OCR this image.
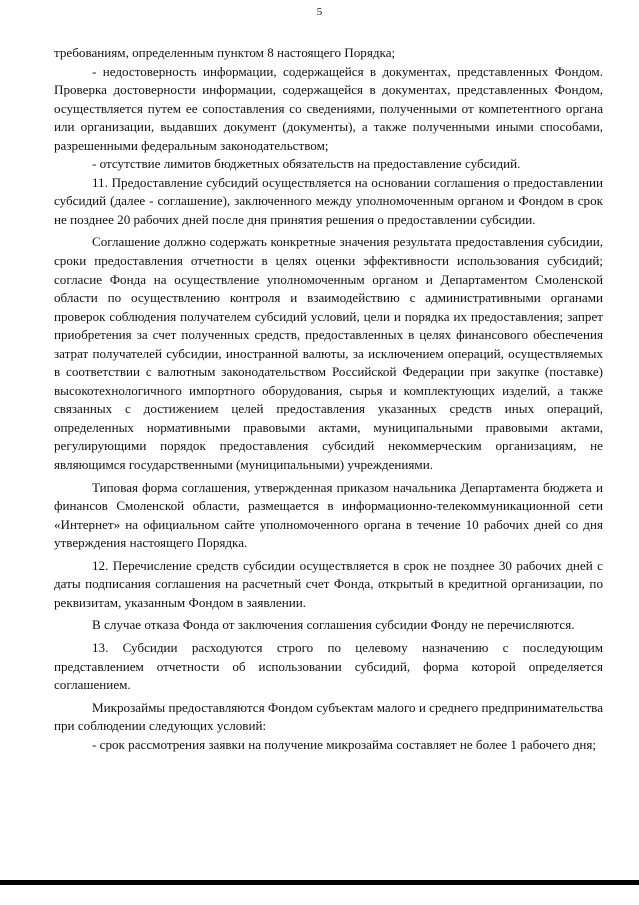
5

требованиям, определенным пунктом 8 настоящего Порядка;

- недостоверность информации, содержащейся в документах, представленных Фондом. Проверка достоверности информации, содержащейся в документах, представленных Фондом, осуществляется путем ее сопоставления со сведениями, полученными от компетентного органа или организации, выдавших документ (документы), а также полученными иными способами, разрешенными федеральным законодательством;

- отсутствие лимитов бюджетных обязательств на предоставление субсидий.

11. Предоставление субсидий осуществляется на основании соглашения о предоставлении субсидий (далее - соглашение), заключенного между уполномоченным органом и Фондом в срок не позднее 20 рабочих дней после дня принятия решения о предоставлении субсидии.

Соглашение должно содержать конкретные значения результата предоставления субсидии, сроки предоставления отчетности в целях оценки эффективности использования субсидий; согласие Фонда на осуществление уполномоченным органом и Департаментом Смоленской области по осуществлению контроля и взаимодействию с административными органами проверок соблюдения получателем субсидий условий, цели и порядка их предоставления; запрет приобретения за счет полученных средств, предоставленных в целях финансового обеспечения затрат получателей субсидии, иностранной валюты, за исключением операций, осуществляемых в соответствии с валютным законодательством Российской Федерации при закупке (поставке) высокотехнологичного импортного оборудования, сырья и комплектующих изделий, а также связанных с достижением целей предоставления указанных средств иных операций, определенных нормативными правовыми актами, муниципальными правовыми актами, регулирующими порядок предоставления субсидий некоммерческим организациям, не являющимся государственными (муниципальными) учреждениями.

Типовая форма соглашения, утвержденная приказом начальника Департамента бюджета и финансов Смоленской области, размещается в информационно-телекоммуникационной сети «Интернет» на официальном сайте уполномоченного органа в течение 10 рабочих дней со дня утверждения настоящего Порядка.

12. Перечисление средств субсидии осуществляется в срок не позднее 30 рабочих дней с даты подписания соглашения на расчетный счет Фонда, открытый в кредитной организации, по реквизитам, указанным Фондом в заявлении.

В случае отказа Фонда от заключения соглашения субсидии Фонду не перечисляются.

13. Субсидии расходуются строго по целевому назначению с последующим представлением отчетности об использовании субсидий, форма которой определяется соглашением.

Микрозаймы предоставляются Фондом субъектам малого и среднего предпринимательства при соблюдении следующих условий:

- срок рассмотрения заявки на получение микрозайма составляет не более 1 рабочего дня;
